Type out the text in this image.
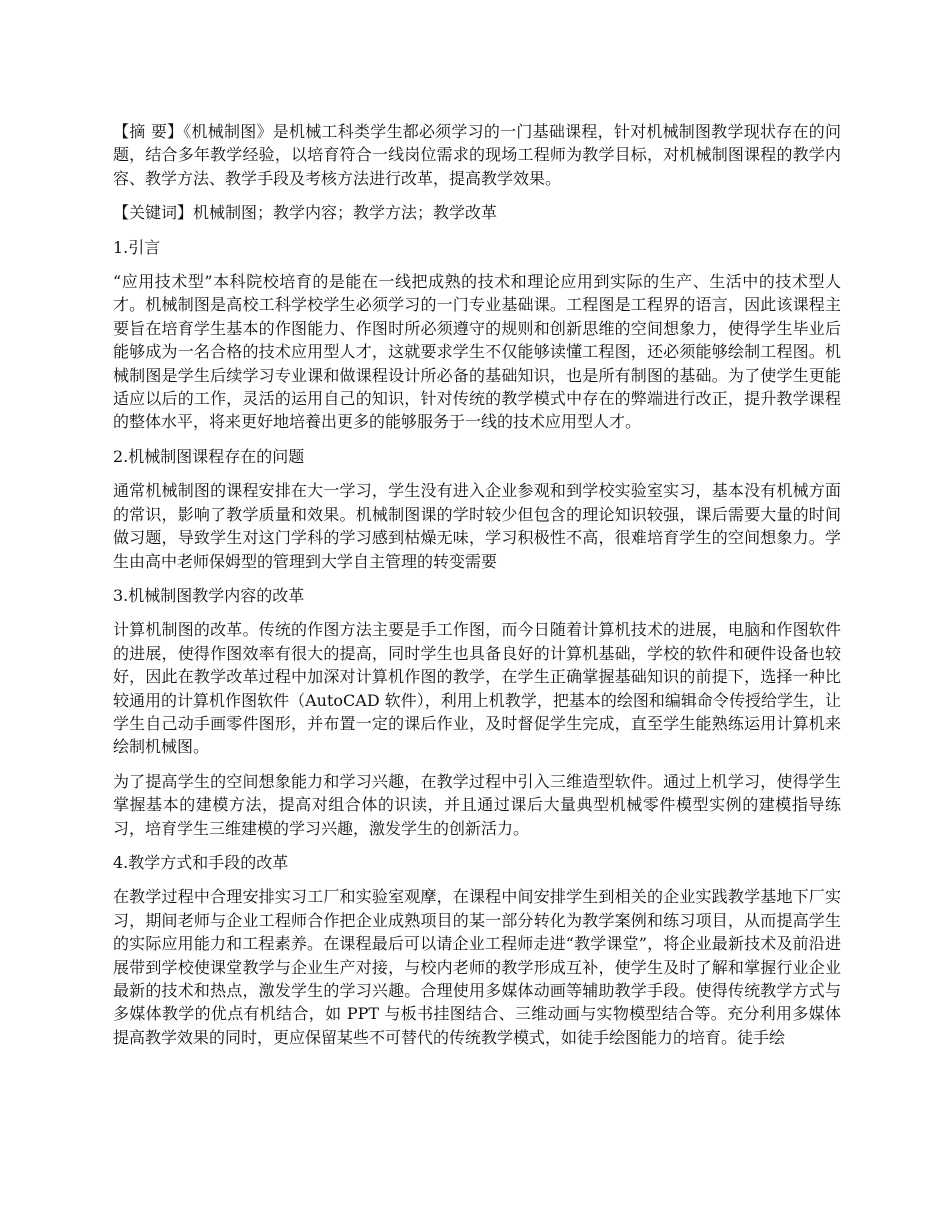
【摘 要】《机械制图》是机械工科类学生都必须学习的一门基础课程，针对机械制图教学现状存在的问题，结合多年教学经验，以培育符合一线岗位需求的现场工程师为教学目标，对机械制图课程的教学内容、教学方法、教学手段及考核方法进行改革，提高教学效果。

【关键词】机械制图；教学内容；教学方法；教学改革

1.引言

“应用技术型”本科院校培育的是能在一线把成熟的技术和理论应用到实际的生产、生活中的技术型人才。机械制图是高校工科学校学生必须学习的一门专业基础课。工程图是工程界的语言，因此该课程主要旨在培育学生基本的作图能力、作图时所必须遵守的规则和创新思维的空间想象力，使得学生毕业后能够成为一名合格的技术应用型人才，这就要求学生不仅能够读懂工程图，还必须能够绘制工程图。机械制图是学生后续学习专业课和做课程设计所必备的基础知识，也是所有制图的基础。为了使学生更能适应以后的工作，灵活的运用自己的知识，针对传统的教学模式中存在的弊端进行改正，提升教学课程的整体水平，将来更好地培養出更多的能够服务于一线的技术应用型人才。

2.机械制图课程存在的问题

通常机械制图的课程安排在大一学习，学生没有进入企业参观和到学校实验室实习，基本没有机械方面的常识，影响了教学质量和效果。机械制图课的学时较少但包含的理论知识较强，课后需要大量的时间做习题，导致学生对这门学科的学习感到枯燥无味，学习积极性不高，很难培育学生的空间想象力。学生由高中老师保姆型的管理到大学自主管理的转变需要

3.机械制图教学内容的改革

计算机制图的改革。传统的作图方法主要是手工作图，而今日随着计算机技术的进展，电脑和作图软件的进展，使得作图效率有很大的提高，同时学生也具备良好的计算机基础，学校的软件和硬件设备也较好，因此在教学改革过程中加深对计算机作图的教学，在学生正确掌握基础知识的前提下，选择一种比较通用的计算机作图软件（AutoCAD 软件），利用上机教学，把基本的绘图和编辑命令传授给学生，让学生自己动手画零件图形，并布置一定的课后作业，及时督促学生完成，直至学生能熟练运用计算机来绘制机械图。

为了提高学生的空间想象能力和学习兴趣，在教学过程中引入三维造型软件。通过上机学习，使得学生掌握基本的建模方法，提高对组合体的识读，并且通过课后大量典型机械零件模型实例的建模指导练习，培育学生三维建模的学习兴趣，激发学生的创新活力。

4.教学方式和手段的改革

在教学过程中合理安排实习工厂和实验室观摩，在课程中间安排学生到相关的企业实践教学基地下厂实习，期间老师与企业工程师合作把企业成熟项目的某一部分转化为教学案例和练习项目，从而提高学生的实际应用能力和工程素养。在课程最后可以请企业工程师走进“教学课堂”，将企业最新技术及前沿进展带到学校使课堂教学与企业生产对接，与校内老师的教学形成互补，使学生及时了解和掌握行业企业最新的技术和热点，激发学生的学习兴趣。合理使用多媒体动画等辅助教学手段。使得传统教学方式与多媒体教学的优点有机结合，如 PPT 与板书挂图结合、三维动画与实物模型结合等。充分利用多媒体提高教学效果的同时，更应保留某些不可替代的传统教学模式，如徒手绘图能力的培育。徒手绘
